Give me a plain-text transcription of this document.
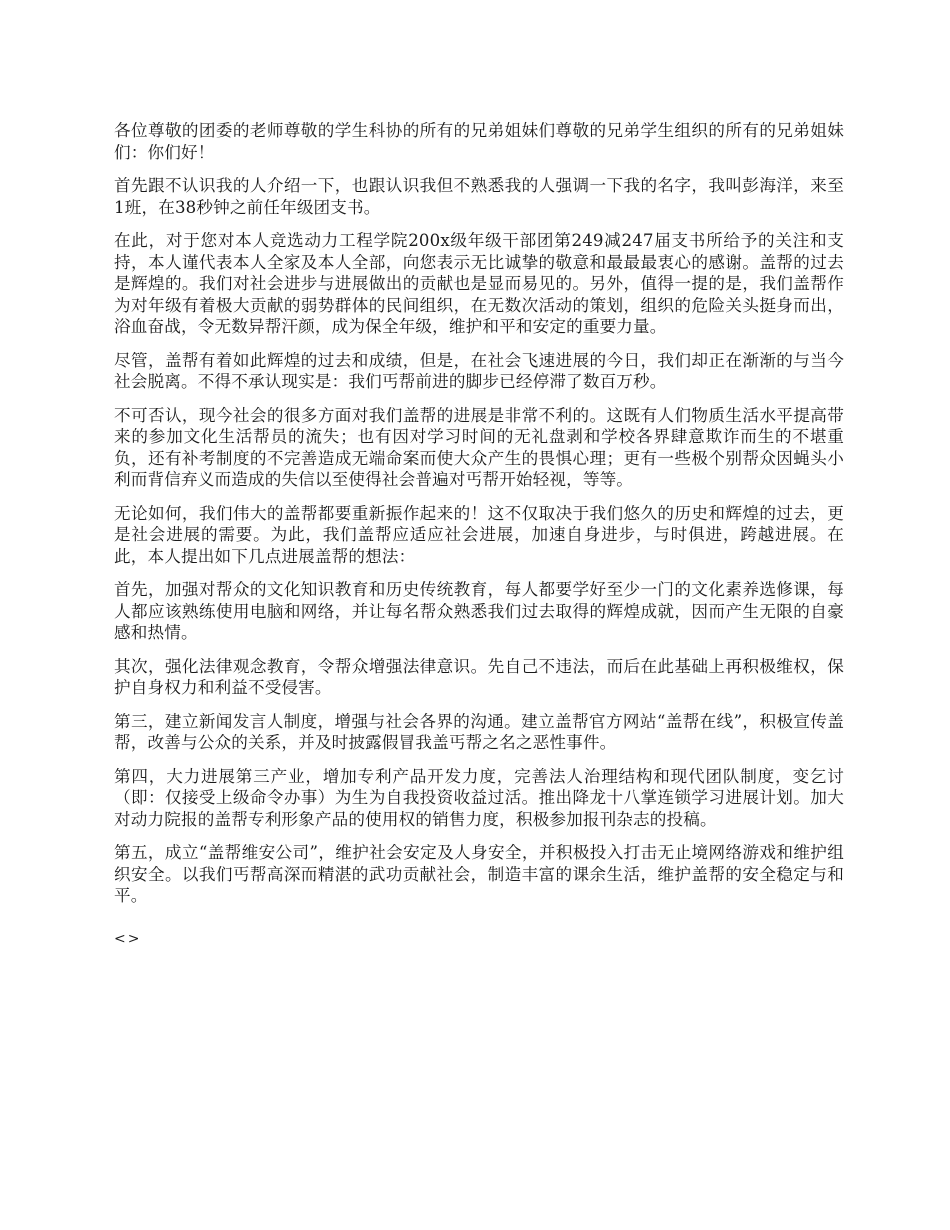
各位尊敬的团委的老师尊敬的学生科协的所有的兄弟姐妹们尊敬的兄弟学生组织的所有的兄弟姐妹们：你们好！

首先跟不认识我的人介绍一下，也跟认识我但不熟悉我的人强调一下我的名字，我叫彭海洋，来至1班，在38秒钟之前任年级团支书。

在此，对于您对本人竞选动力工程学院200x级年级干部团第249减247届支书所给予的关注和支持，本人谨代表本人全家及本人全部，向您表示无比诚挚的敬意和最最最衷心的感谢。盖帮的过去是辉煌的。我们对社会进步与进展做出的贡献也是显而易见的。另外，值得一提的是，我们盖帮作为对年级有着极大贡献的弱势群体的民间组织，在无数次活动的策划，组织的危险关头挺身而出，浴血奋战，令无数异帮汗颜，成为保全年级，维护和平和安定的重要力量。

尽管，盖帮有着如此辉煌的过去和成绩，但是，在社会飞速进展的今日，我们却正在渐渐的与当今社会脱离。不得不承认现实是：我们丐帮前进的脚步已经停滞了数百万秒。

不可否认，现今社会的很多方面对我们盖帮的进展是非常不利的。这既有人们物质生活水平提高带来的参加文化生活帮员的流失；也有因对学习时间的无礼盘剥和学校各界肆意欺诈而生的不堪重负，还有补考制度的不完善造成无端命案而使大众产生的畏惧心理；更有一些极个别帮众因蝇头小利而背信弃义而造成的失信以至使得社会普遍对丐帮开始轻视，等等。

无论如何，我们伟大的盖帮都要重新振作起来的！这不仅取决于我们悠久的历史和辉煌的过去，更是社会进展的需要。为此，我们盖帮应适应社会进展，加速自身进步，与时俱进，跨越进展。在此，本人提出如下几点进展盖帮的想法：

首先，加强对帮众的文化知识教育和历史传统教育，每人都要学好至少一门的文化素养选修课，每人都应该熟练使用电脑和网络，并让每名帮众熟悉我们过去取得的辉煌成就，因而产生无限的自豪感和热情。

其次，强化法律观念教育，令帮众增强法律意识。先自己不违法，而后在此基础上再积极维权，保护自身权力和利益不受侵害。

第三，建立新闻发言人制度，增强与社会各界的沟通。建立盖帮官方网站“盖帮在线”，积极宣传盖帮，改善与公众的关系，并及时披露假冒我盖丐帮之名之恶性事件。

第四，大力进展第三产业，增加专利产品开发力度，完善法人治理结构和现代团队制度，变乞讨（即：仅接受上级命令办事）为生为自我投资收益过活。推出降龙十八掌连锁学习进展计划。加大对动力院报的盖帮专利形象产品的使用权的销售力度，积极参加报刊杂志的投稿。

第五，成立“盖帮维安公司”，维护社会安定及人身安全，并积极投入打击无止境网络游戏和维护组织安全。以我们丐帮高深而精湛的武功贡献社会，制造丰富的课余生活，维护盖帮的安全稳定与和平。

<>
